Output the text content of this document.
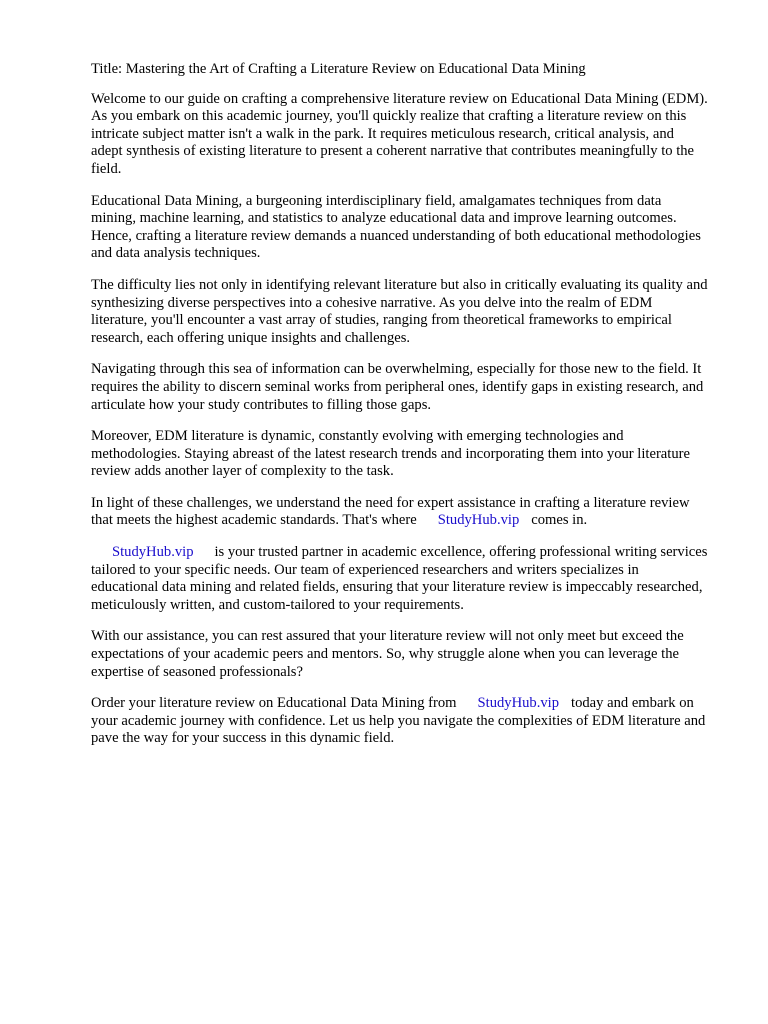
Title: Mastering the Art of Crafting a Literature Review on Educational Data Mining

Welcome to our guide on crafting a comprehensive literature review on Educational Data Mining (EDM). As you embark on this academic journey, you'll quickly realize that crafting a literature review on this intricate subject matter isn't a walk in the park. It requires meticulous research, critical analysis, and adept synthesis of existing literature to present a coherent narrative that contributes meaningfully to the field.

Educational Data Mining, a burgeoning interdisciplinary field, amalgamates techniques from data mining, machine learning, and statistics to analyze educational data and improve learning outcomes. Hence, crafting a literature review demands a nuanced understanding of both educational methodologies and data analysis techniques.

The difficulty lies not only in identifying relevant literature but also in critically evaluating its quality and synthesizing diverse perspectives into a cohesive narrative. As you delve into the realm of EDM literature, you'll encounter a vast array of studies, ranging from theoretical frameworks to empirical research, each offering unique insights and challenges.

Navigating through this sea of information can be overwhelming, especially for those new to the field. It requires the ability to discern seminal works from peripheral ones, identify gaps in existing research, and articulate how your study contributes to filling those gaps.

Moreover, EDM literature is dynamic, constantly evolving with emerging technologies and methodologies. Staying abreast of the latest research trends and incorporating them into your literature review adds another layer of complexity to the task.

In light of these challenges, we understand the need for expert assistance in crafting a literature review that meets the highest academic standards. That's where StudyHub.vip comes in.

StudyHub.vip is your trusted partner in academic excellence, offering professional writing services tailored to your specific needs. Our team of experienced researchers and writers specializes in educational data mining and related fields, ensuring that your literature review is impeccably researched, meticulously written, and custom-tailored to your requirements.

With our assistance, you can rest assured that your literature review will not only meet but exceed the expectations of your academic peers and mentors. So, why struggle alone when you can leverage the expertise of seasoned professionals?

Order your literature review on Educational Data Mining from StudyHub.vip today and embark on your academic journey with confidence. Let us help you navigate the complexities of EDM literature and pave the way for your success in this dynamic field.
